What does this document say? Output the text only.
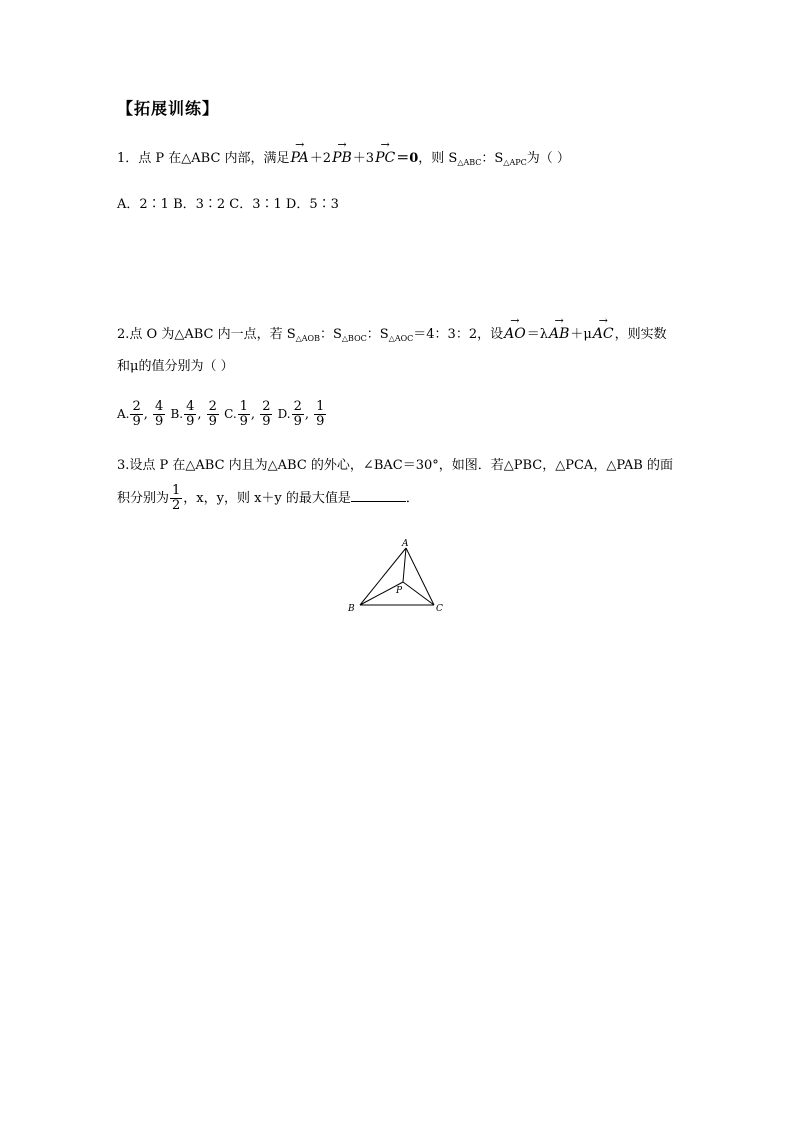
【拓展训练】
1．点 P 在△ABC 内部，满足→ PA＋2→ PB＋3→ PC＝0，则 $S_{\triangle ABC}$：$S_{\triangle APC}$为（ ）
A．2∶1 B．3∶2 C．3∶1 D．5∶3
2.点 O 为△ABC 内一点，若 $S_{\triangle AOB}$：$S_{\triangle BOC}$：$S_{\triangle AOC}=4$：3：2，设→ AO＝λ→ AB＋μ→ AC，则实数
和μ的值分别为（ ）
A. $\frac{2}{9}$ , $\frac{4}{9} B$. $\frac{4}{9}$ , $\frac{2}{9} C$. $\frac{1}{9}$ , $\frac{2}{9} D$. $\frac{2}{9}$ , $\frac{1}{9}$
3.设点 P 在△ABC 内且为△ABC 的外心，∠BAC＝30°，如图．若△PBC，△PCA，△PAB 的面
积分别为 $\frac{1}{2}$ ，x，y，则 x＋y 的最大值是	．
A
B	C
P
